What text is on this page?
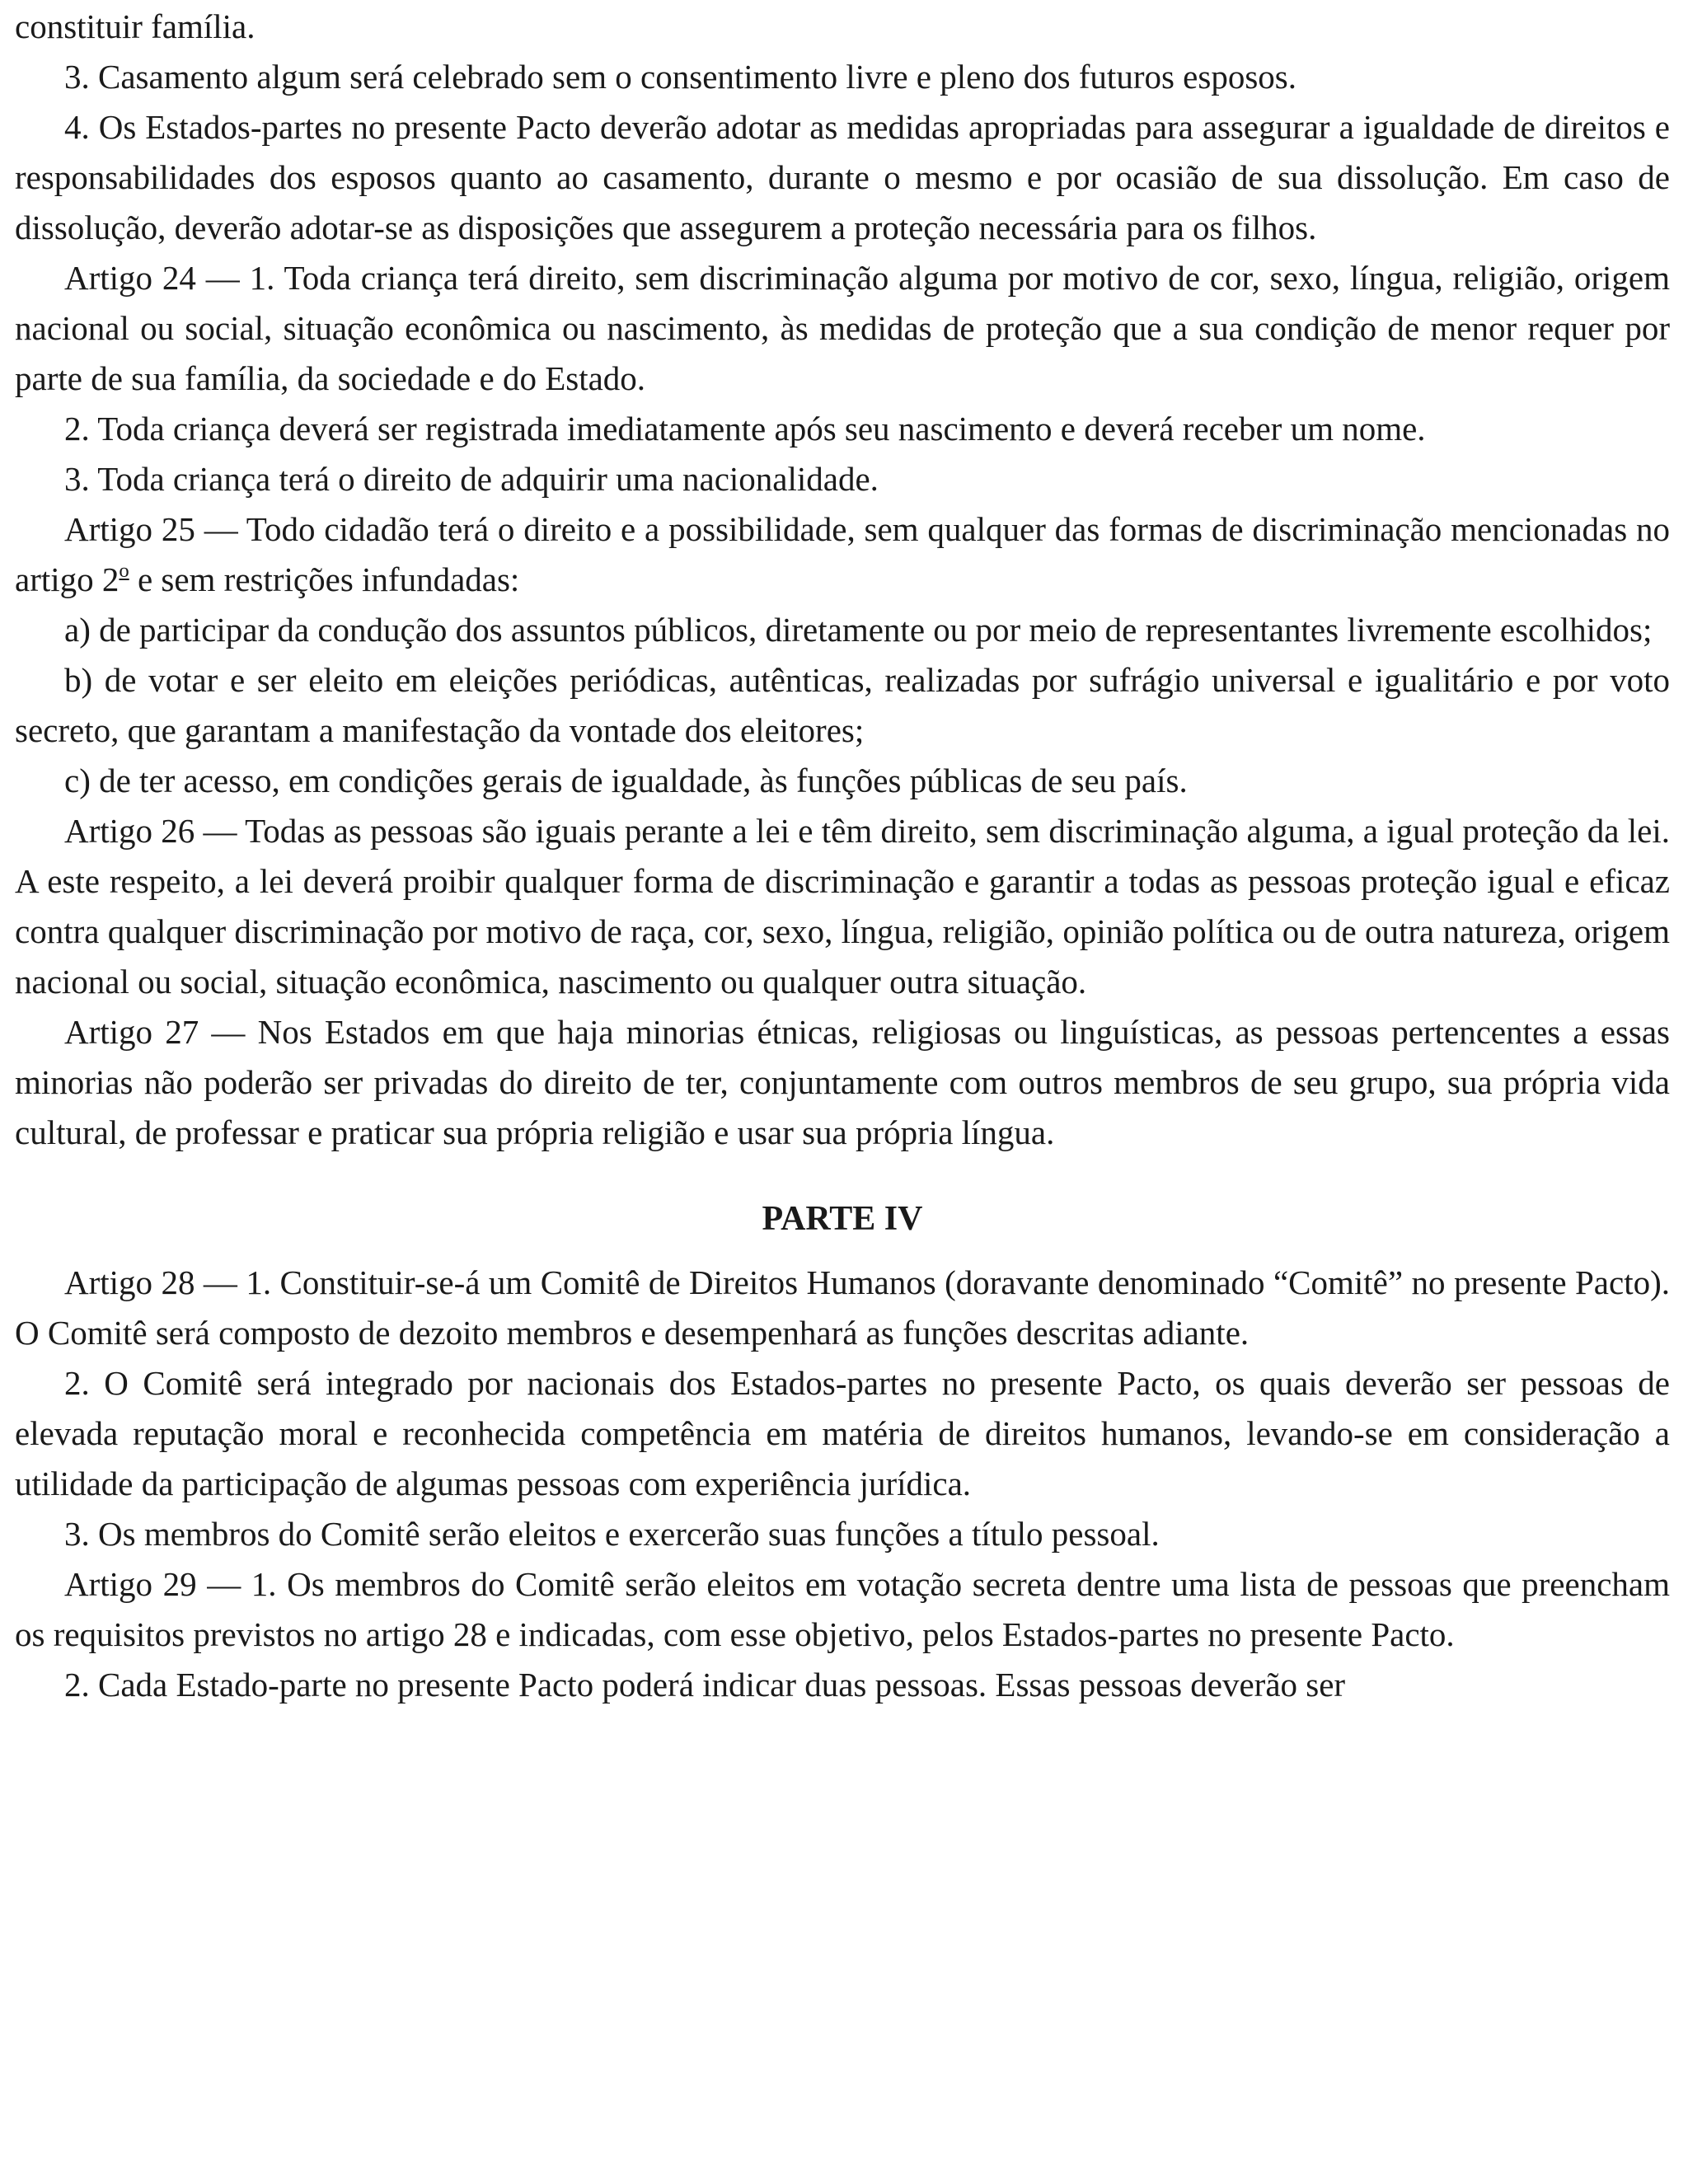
constituir família.

3. Casamento algum será celebrado sem o consentimento livre e pleno dos futuros esposos.

4. Os Estados-partes no presente Pacto deverão adotar as medidas apropriadas para assegurar a igualdade de direitos e responsabilidades dos esposos quanto ao casamento, durante o mesmo e por ocasião de sua dissolução. Em caso de dissolução, deverão adotar-se as disposições que assegurem a proteção necessária para os filhos.

Artigo 24 — 1. Toda criança terá direito, sem discriminação alguma por motivo de cor, sexo, língua, religião, origem nacional ou social, situação econômica ou nascimento, às medidas de proteção que a sua condição de menor requer por parte de sua família, da sociedade e do Estado.

2. Toda criança deverá ser registrada imediatamente após seu nascimento e deverá receber um nome.

3. Toda criança terá o direito de adquirir uma nacionalidade.

Artigo 25 — Todo cidadão terá o direito e a possibilidade, sem qualquer das formas de discriminação mencionadas no artigo 2$^o$ e sem restrições infundadas:

a) de participar da condução dos assuntos públicos, diretamente ou por meio de representantes livremente escolhidos;

b) de votar e ser eleito em eleições periódicas, autênticas, realizadas por sufrágio universal e igualitário e por voto secreto, que garantam a manifestação da vontade dos eleitores;

c) de ter acesso, em condições gerais de igualdade, às funções públicas de seu país.

Artigo 26 — Todas as pessoas são iguais perante a lei e têm direito, sem discriminação alguma, a igual proteção da lei. A este respeito, a lei deverá proibir qualquer forma de discriminação e garantir a todas as pessoas proteção igual e eficaz contra qualquer discriminação por motivo de raça, cor, sexo, língua, religião, opinião política ou de outra natureza, origem nacional ou social, situação econômica, nascimento ou qualquer outra situação.

Artigo 27 — Nos Estados em que haja minorias étnicas, religiosas ou linguísticas, as pessoas pertencentes a essas minorias não poderão ser privadas do direito de ter, conjuntamente com outros membros de seu grupo, sua própria vida cultural, de professar e praticar sua própria religião e usar sua própria língua.

PARTE IV

Artigo 28 — 1. Constituir-se-á um Comitê de Direitos Humanos (doravante denominado “Comitê” no presente Pacto). O Comitê será composto de dezoito membros e desempenhará as funções descritas adiante.

2. O Comitê será integrado por nacionais dos Estados-partes no presente Pacto, os quais deverão ser pessoas de elevada reputação moral e reconhecida competência em matéria de direitos humanos, levando-se em consideração a utilidade da participação de algumas pessoas com experiência jurídica.

3. Os membros do Comitê serão eleitos e exercerão suas funções a título pessoal.

Artigo 29 — 1. Os membros do Comitê serão eleitos em votação secreta dentre uma lista de pessoas que preencham os requisitos previstos no artigo 28 e indicadas, com esse objetivo, pelos Estados-partes no presente Pacto.

2. Cada Estado-parte no presente Pacto poderá indicar duas pessoas. Essas pessoas deverão ser
